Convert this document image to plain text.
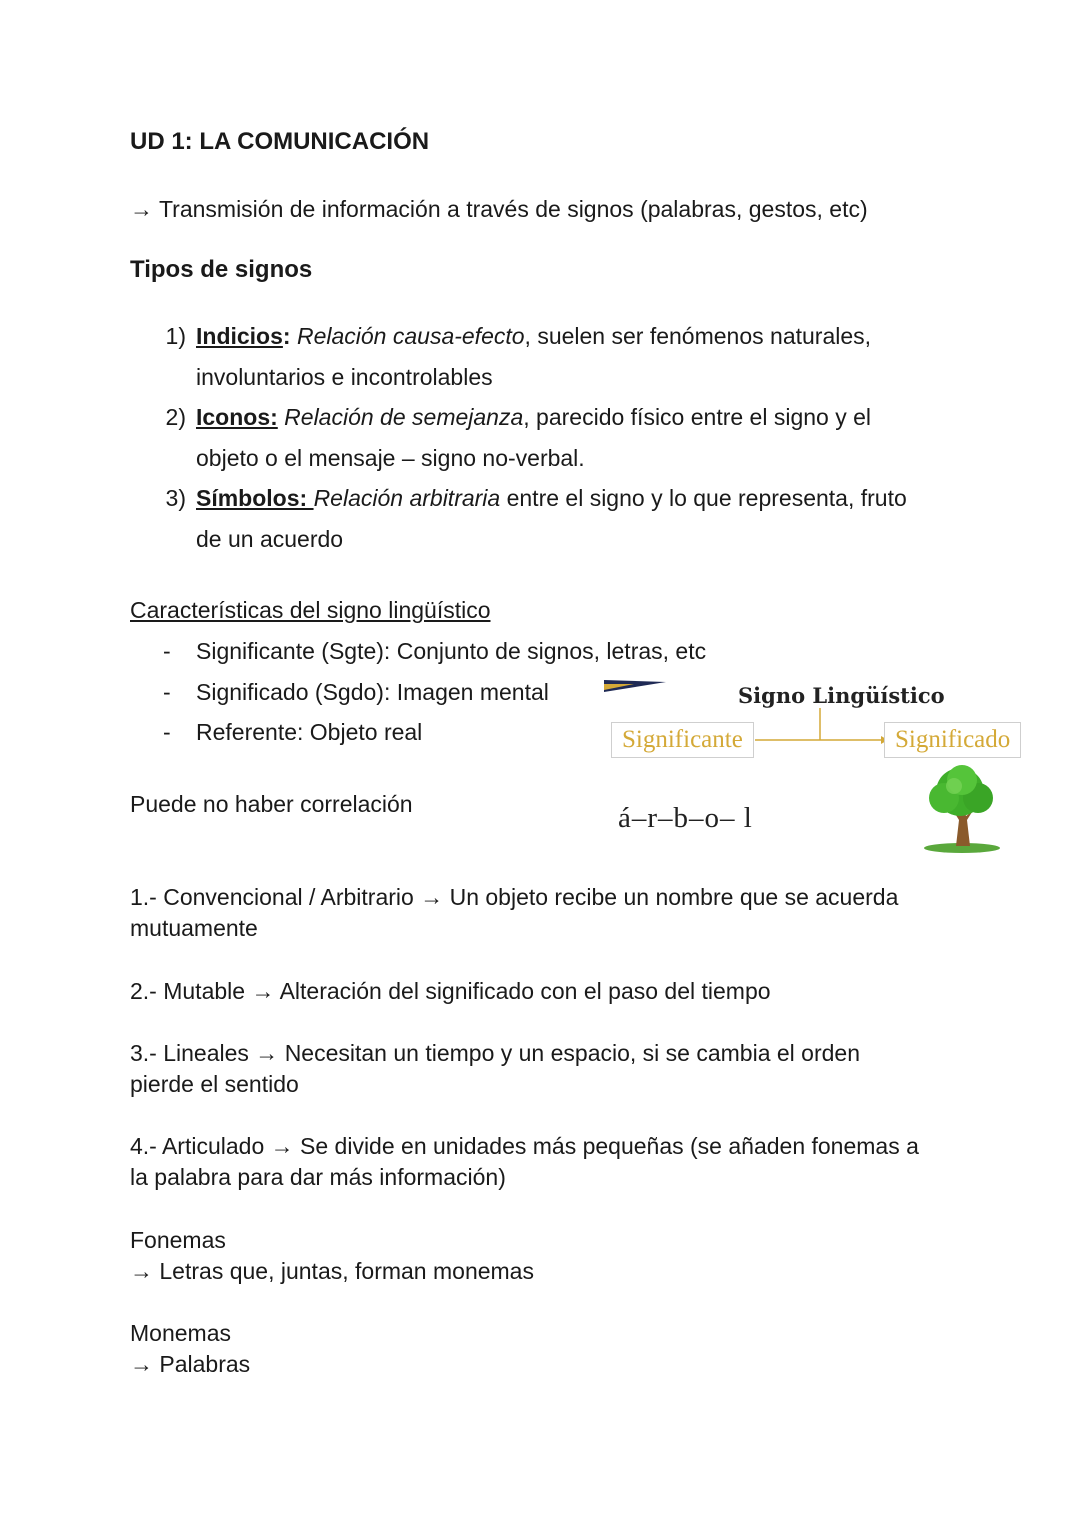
UD 1: LA COMUNICACIÓN
→ Transmisión de información a través de signos (palabras, gestos, etc)
Tipos de signos
1) Indicios: Relación causa-efecto, suelen ser fenómenos naturales,
involuntarios e incontrolables
2) Iconos: Relación de semejanza, parecido físico entre el signo y el
objeto o el mensaje – signo no-verbal.
3) Símbolos: Relación arbitraria entre el signo y lo que representa, fruto
de un acuerdo
Características del signo lingüístico
- Significante (Sgte): Conjunto de signos, letras, etc
- Significado (Sgdo): Imagen mental
- Referente: Objeto real
Puede no haber correlación
Signo Lingüístico
Significante	Significado
á–r–b–o– l
1.- Convencional / Arbitrario → Un objeto recibe un nombre que se acuerda
mutuamente
2.- Mutable → Alteración del significado con el paso del tiempo
3.- Lineales → Necesitan un tiempo y un espacio, si se cambia el orden
pierde el sentido
4.- Articulado → Se divide en unidades más pequeñas (se añaden fonemas a
la palabra para dar más información)
Fonemas
→ Letras que, juntas, forman monemas
Monemas
→ Palabras
